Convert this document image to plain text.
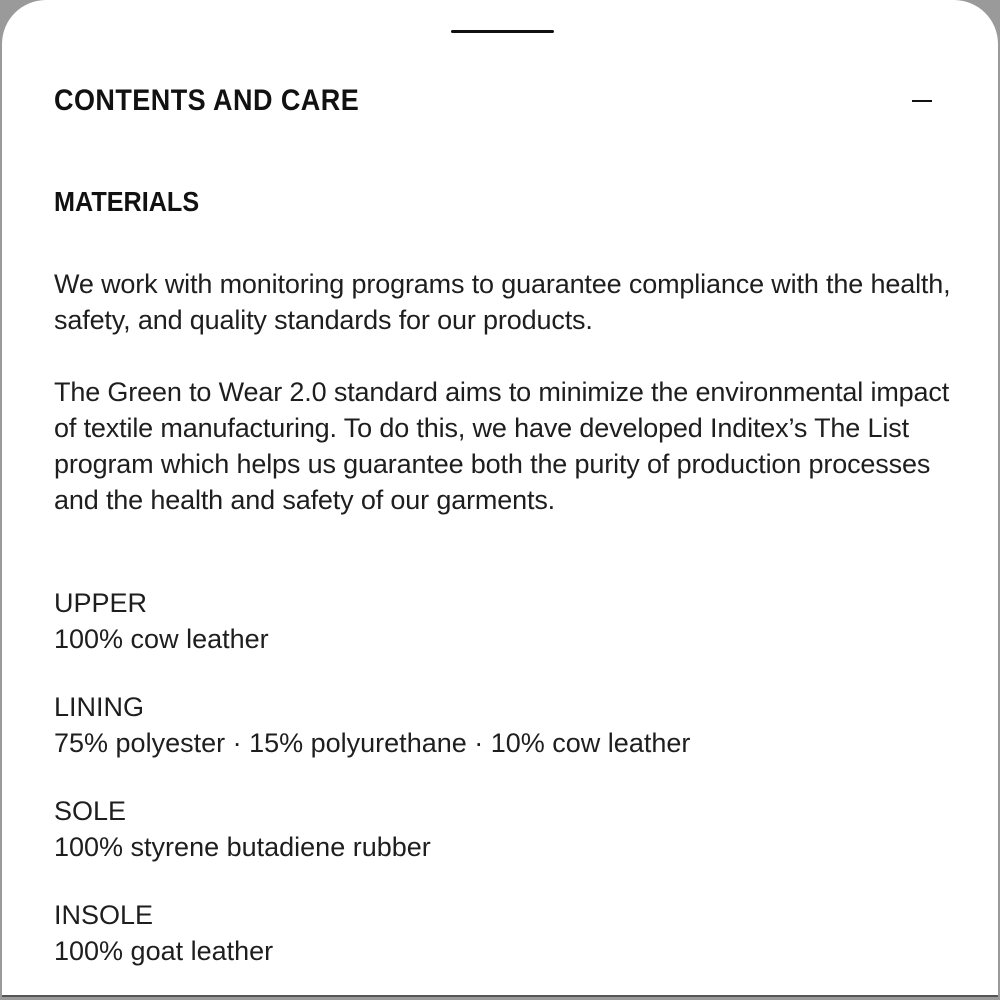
CONTENTS AND CARE
MATERIALS

We work with monitoring programs to guarantee compliance with the health, safety, and quality standards for our products.

The Green to Wear 2.0 standard aims to minimize the environmental impact of textile manufacturing. To do this, we have developed Inditex’s The List program which helps us guarantee both the purity of production processes and the health and safety of our garments.

UPPER
100% cow leather
LINING
75% polyester · 15% polyurethane · 10% cow leather
SOLE
100% styrene butadiene rubber
INSOLE
100% goat leather
